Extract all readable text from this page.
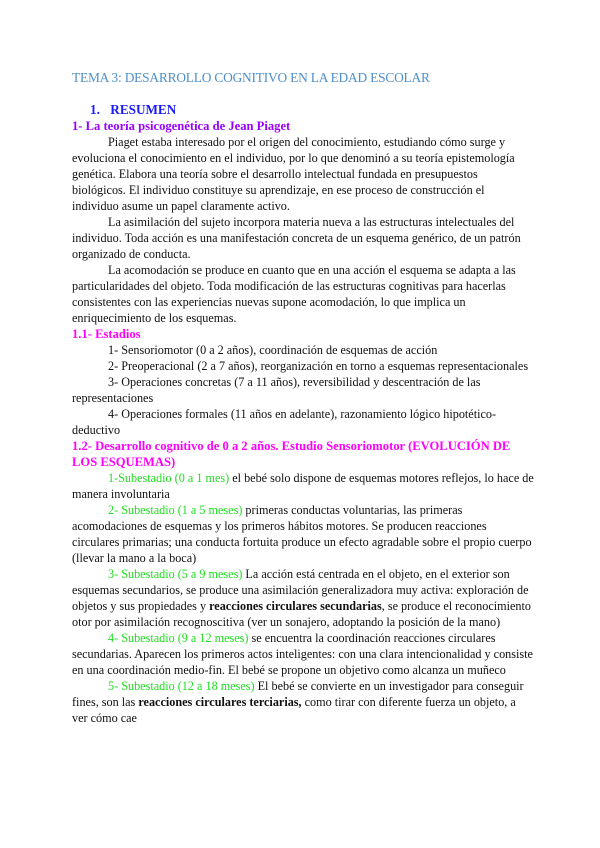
TEMA 3: DESARROLLO COGNITIVO EN LA EDAD ESCOLAR
1. RESUMEN
1- La teoría psicogenética de Jean Piaget

Piaget estaba interesado por el origen del conocimiento, estudiando cómo surge y evoluciona el conocimiento en el individuo, por lo que denominó a su teoría epistemología genética. Elabora una teoría sobre el desarrollo intelectual fundada en presupuestos biológicos. El individuo constituye su aprendizaje, en ese proceso de construcción el individuo asume un papel claramente activo.

La asimilación del sujeto incorpora materia nueva a las estructuras intelectuales del individuo. Toda acción es una manifestación concreta de un esquema genérico, de un patrón organizado de conducta.

La acomodación se produce en cuanto que en una acción el esquema se adapta a las particularidades del objeto. Toda modificación de las estructuras cognitivas para hacerlas consistentes con las experiencias nuevas supone acomodación, lo que implica un enriquecimiento de los esquemas.

1.1- Estadios

1- Sensoriomotor (0 a 2 años), coordinación de esquemas de acción

2- Preoperacional (2 a 7 años), reorganización en torno a esquemas representacionales

3- Operaciones concretas (7 a 11 años), reversibilidad y descentración de las representaciones

4- Operaciones formales (11 años en adelante), razonamiento lógico hipotético-deductivo

1.2- Desarrollo cognitivo de 0 a 2 años. Estudio Sensoriomotor (EVOLUCIÓN DE LOS ESQUEMAS)

1-Subestadio (0 a 1 mes) el bebé solo dispone de esquemas motores reflejos, lo hace de manera involuntaria

2- Subestadio (1 a 5 meses) primeras conductas voluntarias, las primeras acomodaciones de esquemas y los primeros hábitos motores. Se producen reacciones circulares primarias; una conducta fortuita produce un efecto agradable sobre el propio cuerpo (llevar la mano a la boca)

3- Subestadio (5 a 9 meses) La acción está centrada en el objeto, en el exterior son esquemas secundarios, se produce una asimilación generalizadora muy activa: exploración de objetos y sus propiedades y reacciones circulares secundarias, se produce el reconocimiento otor por asimilación recognoscitiva (ver un sonajero, adoptando la posición de la mano)

4- Subestadio (9 a 12 meses) se encuentra la coordinación reacciones circulares secundarias. Aparecen los primeros actos inteligentes: con una clara intencionalidad y consiste en una coordinación medio-fin. El bebé se propone un objetivo como alcanza un muñeco

5- Subestadio (12 a 18 meses) El bebé se convierte en un investigador para conseguir fines, son las reacciones circulares terciarias, como tirar con diferente fuerza un objeto, a ver cómo cae
